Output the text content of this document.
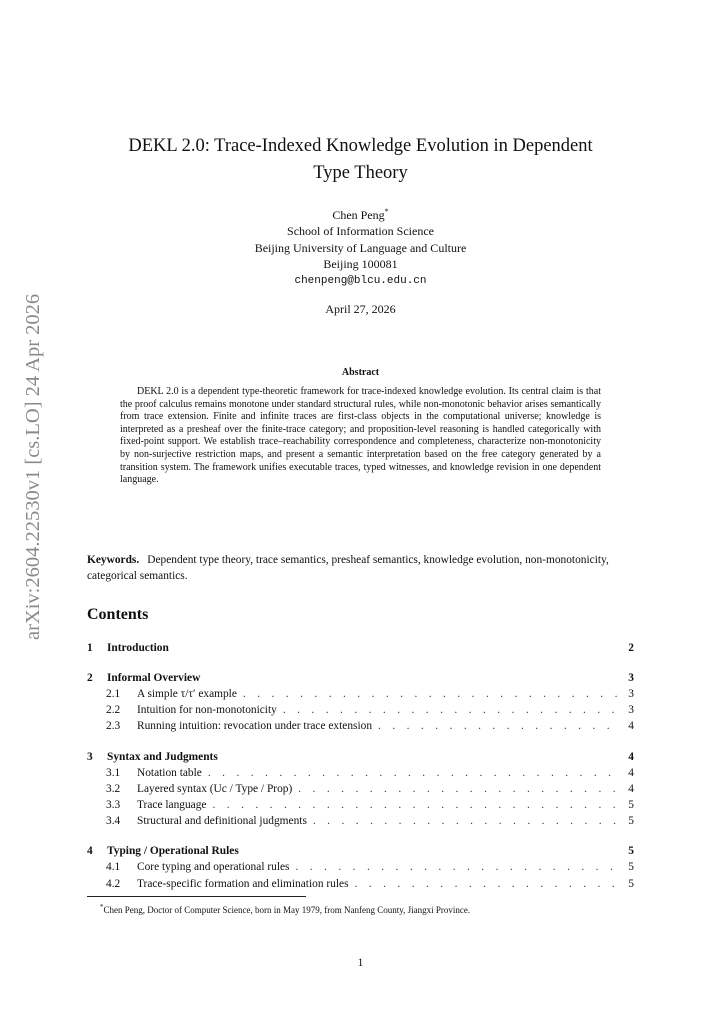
arXiv:2604.22530v1 [cs.LO] 24 Apr 2026
DEKL 2.0: Trace-Indexed Knowledge Evolution in Dependent
Type Theory
Chen Peng*
School of Information Science
Beijing University of Language and Culture
Beijing 100081
chenpeng@blcu.edu.cn
April 27, 2026
Abstract
DEKL 2.0 is a dependent type-theoretic framework for trace-indexed knowledge evolution. Its central claim is that the proof calculus remains monotone under standard structural rules, while non-monotonic behavior arises semantically from trace extension. Finite and infinite traces are first-class objects in the computational universe; knowledge is interpreted as a presheaf over the finite-trace category; and proposition-level reasoning is handled categorically with fixed-point support. We establish trace–reachability correspondence and completeness, characterize non-monotonicity by non-surjective restriction maps, and present a semantic interpretation based on the free category generated by a transition system. The framework unifies executable traces, typed witnesses, and knowledge revision in one dependent language.
Keywords. Dependent type theory, trace semantics, presheaf semantics, knowledge evolution, non-monotonicity, categorical semantics.
Contents
1	Introduction	2
2	Informal Overview	3
2.1	A simple τ/τ′ example . . .	3
2.2	Intuition for non-monotonicity . . .	3
2.3	Running intuition: revocation under trace extension . . .	4
3	Syntax and Judgments	4
3.1	Notation table . . .	4
3.2	Layered syntax (Uc / Type / Prop) . . .	4
3.3	Trace language . . .	5
3.4	Structural and definitional judgments . . .	5
4	Typing / Operational Rules	5
4.1	Core typing and operational rules . . .	5
4.2	Trace-specific formation and elimination rules . . .	5
*Chen Peng, Doctor of Computer Science, born in May 1979, from Nanfeng County, Jiangxi Province.
1
